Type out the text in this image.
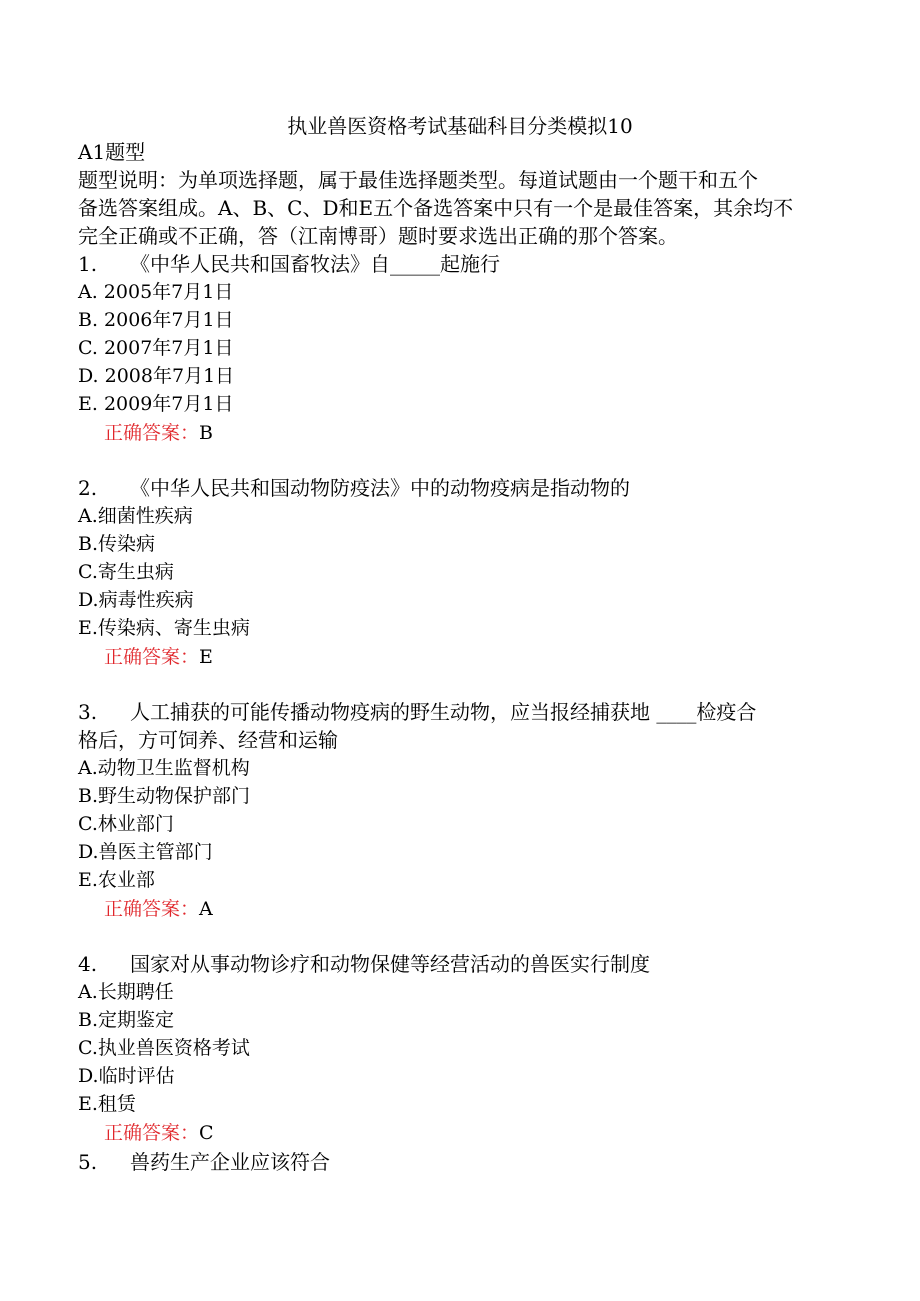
执业兽医资格考试基础科目分类模拟10
A1题型
题型说明：为单项选择题，属于最佳选择题类型。每道试题由一个题干和五个
备选答案组成。A、B、C、D和E五个备选答案中只有一个是最佳答案，其余均不
完全正确或不正确，答（江南博哥）题时要求选出正确的那个答案。
1. 《中华人民共和国畜牧法》自_____起施行
A. 2005年7月1日
B. 2006年7月1日
C. 2007年7月1日
D. 2008年7月1日
E. 2009年7月1日
正确答案：B
2. 《中华人民共和国动物防疫法》中的动物疫病是指动物的
A.细菌性疾病
B.传染病
C.寄生虫病
D.病毒性疾病
E.传染病、寄生虫病
正确答案：E
3. 人工捕获的可能传播动物疫病的野生动物，应当报经捕获地 ____检疫合
格后，方可饲养、经营和运输
A.动物卫生监督机构
B.野生动物保护部门
C.林业部门
D.兽医主管部门
E.农业部
正确答案：A
4. 国家对从事动物诊疗和动物保健等经营活动的兽医实行制度
A.长期聘任
B.定期鉴定
C.执业兽医资格考试
D.临时评估
E.租赁
正确答案：C
5. 兽药生产企业应该符合
